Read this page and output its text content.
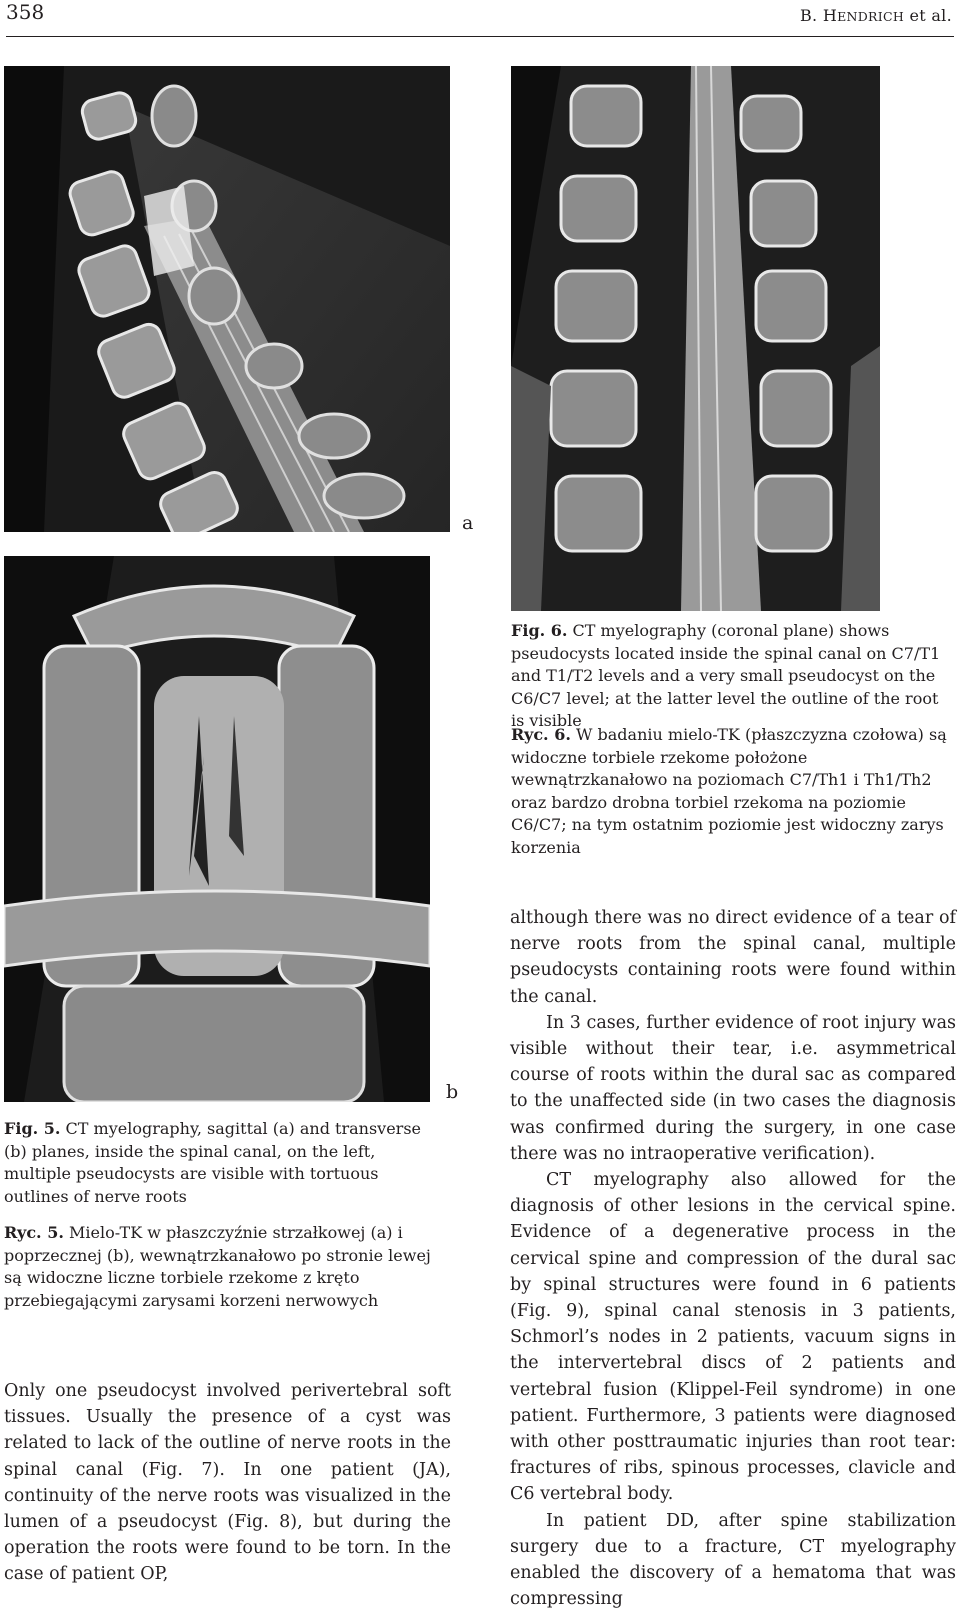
358	B. HENDRICH et al.
a
b
Fig. 6. CT myelography (coronal plane) shows pseudocysts located inside the spinal canal on C7/T1 and T1/T2 levels and a very small pseudocyst on the C6/C7 level; at the latter level the outline of the root is visible
Ryc. 6. W badaniu mielo-TK (płaszczyzna czołowa) są widoczne torbiele rzekome położone wewnątrzkanałowo na poziomach C7/Th1 i Th1/Th2 oraz bardzo drobna torbiel rzekoma na poziomie C6/C7; na tym ostatnim poziomie jest widoczny zarys korzenia
Fig. 5. CT myelography, sagittal (a) and transverse (b) planes, inside the spinal canal, on the left, multiple pseudocysts are visible with tortuous outlines of nerve roots
Ryc. 5. Mielo-TK w płaszczyźnie strzałkowej (a) i poprzecznej (b), wewnątrzkanałowo po stronie lewej są widoczne liczne torbiele rzekome z kręto przebiegającymi zarysami korzeni nerwowych

Only one pseudocyst involved perivertebral soft tissues. Usually the presence of a cyst was related to lack of the outline of nerve roots in the spinal canal (Fig. 7). In one patient (JA), continuity of the nerve roots was visualized in the lumen of a pseudocyst (Fig. 8), but during the operation the roots were found to be torn. In the case of patient OP,

although there was no direct evidence of a tear of nerve roots from the spinal canal, multiple pseudocysts containing roots were found within the canal.

In 3 cases, further evidence of root injury was visible without their tear, i.e. asymmetrical course of roots within the dural sac as compared to the unaffected side (in two cases the diagnosis was confirmed during the surgery, in one case there was no intraoperative verification).

CT myelography also allowed for the diagnosis of other lesions in the cervical spine. Evidence of a degenerative process in the cervical spine and compression of the dural sac by spinal structures were found in 6 patients (Fig. 9), spinal canal stenosis in 3 patients, Schmorl’s nodes in 2 patients, vacuum signs in the intervertebral discs of 2 patients and vertebral fusion (Klippel-Feil syndrome) in one patient. Furthermore, 3 patients were diagnosed with other posttraumatic injuries than root tear: fractures of ribs, spinous processes, clavicle and C6 vertebral body.

In patient DD, after spine stabilization surgery due to a fracture, CT myelography enabled the discovery of a hematoma that was compressing
